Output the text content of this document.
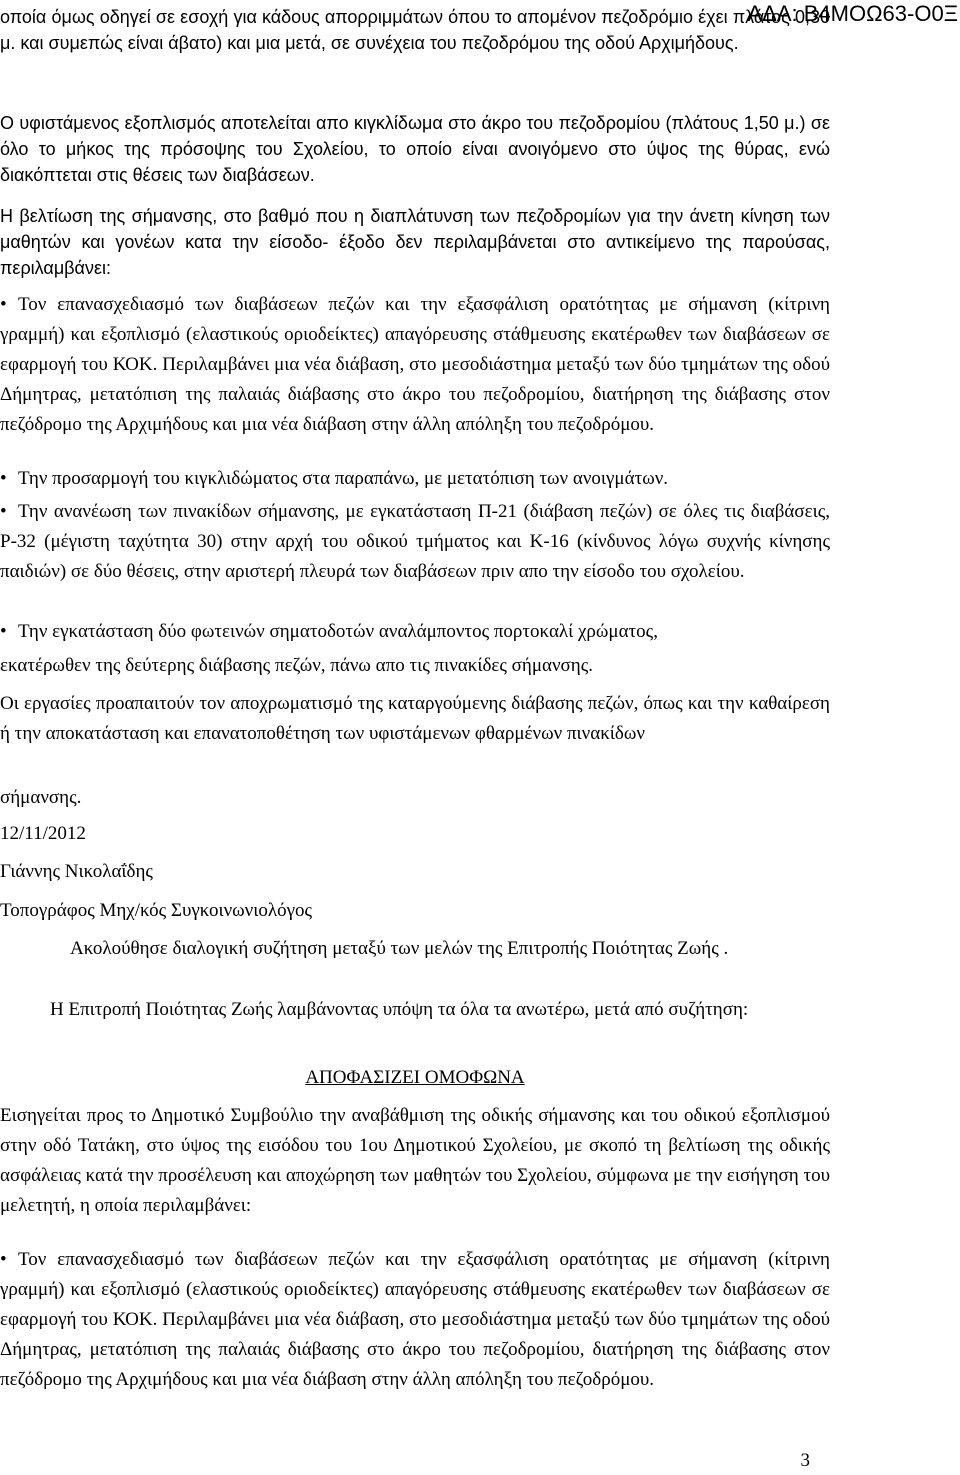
ΑΔΑ: Β4ΜΟΩ63-Ο0Ξ

οποία όμως οδηγεί σε εσοχή για κάδους απορριμμάτων όπου το απομένον πεζοδρόμιο έχει πλάτος 0,30 μ. και συμεπώς είναι άβατο) και μια μετά, σε συνέχεια του πεζοδρόμου της οδού Αρχιμήδους.

Ο υφιστάμενος εξοπλισμός αποτελείται απο κιγκλίδωμα στο άκρο του πεζοδρομίου (πλάτους 1,50 μ.) σε όλο το μήκος της πρόσοψης του Σχολείου, το οποίο είναι ανοιγόμενο στο ύψος της θύρας, ενώ διακόπτεται στις θέσεις των διαβάσεων.

Η βελτίωση της σήμανσης, στο βαθμό που η διαπλάτυνση των πεζοδρομίων για την άνετη κίνηση των μαθητών και γονέων κατα την είσοδο- έξοδο δεν περιλαμβάνεται στο αντικείμενο της παρούσας, περιλαμβάνει:

• Τον επανασχεδιασμό των διαβάσεων πεζών και την εξασφάλιση ορατότητας με σήμανση (κίτρινη γραμμή) και εξοπλισμό (ελαστικούς οριοδείκτες) απαγόρευσης στάθμευσης εκατέρωθεν των διαβάσεων σε εφαρμογή του ΚΟΚ. Περιλαμβάνει μια νέα διάβαση, στο μεσοδιάστημα μεταξύ των δύο τμημάτων της οδού Δήμητρας, μετατόπιση της παλαιάς διάβασης στο άκρο του πεζοδρομίου, διατήρηση της διάβασης στον πεζόδρομο της Αρχιμήδους και μια νέα διάβαση στην άλλη απόληξη του πεζοδρόμου.
• Την προσαρμογή του κιγκλιδώματος στα παραπάνω, με μετατόπιση των ανοιγμάτων.
• Την ανανέωση των πινακίδων σήμανσης, με εγκατάσταση Π-21 (διάβαση πεζών) σε όλες τις διαβάσεις, Ρ-32 (μέγιστη ταχύτητα 30) στην αρχή του οδικού τμήματος και Κ-16 (κίνδυνος λόγω συχνής κίνησης παιδιών) σε δύο θέσεις, στην αριστερή πλευρά των διαβάσεων πριν απο την είσοδο του σχολείου.
• Την εγκατάσταση δύο φωτεινών σηματοδοτών αναλάμποντος πορτοκαλί χρώματος,

εκατέρωθεν της δεύτερης διάβασης πεζών, πάνω απο τις πινακίδες σήμανσης.

Οι εργασίες προαπαιτούν τον αποχρωματισμό της καταργούμενης διάβασης πεζών, όπως και την καθαίρεση ή την αποκατάσταση και επανατοποθέτηση των υφιστάμενων φθαρμένων πινακίδων

σήμανσης.

12/11/2012

Γιάννης Νικολαΐδης

Τοπογράφος Μηχ/κός Συγκοινωνιολόγος

Ακολούθησε διαλογική συζήτηση μεταξύ των μελών της Επιτροπής Ποιότητας Ζωής .

Η Επιτροπή Ποιότητας Ζωής λαμβάνοντας υπόψη τα όλα τα ανωτέρω, μετά από συζήτηση:

ΑΠΟΦΑΣΙΖΕΙ ΟΜΟΦΩΝΑ

Εισηγείται προς το Δημοτικό Συμβούλιο την αναβάθμιση της οδικής σήμανσης και του οδικού εξοπλισμού στην οδό Τατάκη, στο ύψος της εισόδου του 1ου Δημοτικού Σχολείου, με σκοπό τη βελτίωση της οδικής ασφάλειας κατά την προσέλευση και αποχώρηση των μαθητών του Σχολείου, σύμφωνα με την εισήγηση του μελετητή, η οποία περιλαμβάνει:

• Τον επανασχεδιασμό των διαβάσεων πεζών και την εξασφάλιση ορατότητας με σήμανση (κίτρινη γραμμή) και εξοπλισμό (ελαστικούς οριοδείκτες) απαγόρευσης στάθμευσης εκατέρωθεν των διαβάσεων σε εφαρμογή του ΚΟΚ. Περιλαμβάνει μια νέα διάβαση, στο μεσοδιάστημα μεταξύ των δύο τμημάτων της οδού Δήμητρας, μετατόπιση της παλαιάς διάβασης στο άκρο του πεζοδρομίου, διατήρηση της διάβασης στον πεζόδρομο της Αρχιμήδους και μια νέα διάβαση στην άλλη απόληξη του πεζοδρόμου.
3
